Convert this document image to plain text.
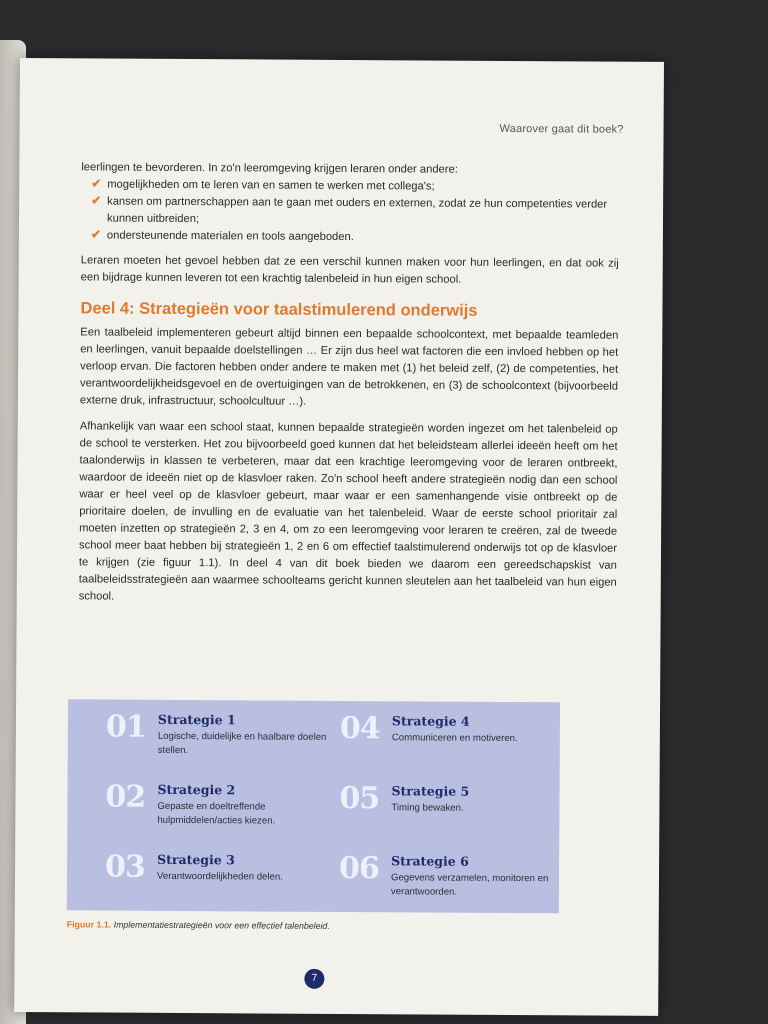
Waarover gaat dit boek?

leerlingen te bevorderen. In zo'n leeromgeving krijgen leraren onder andere:

✔ mogelijkheden om te leren van en samen te werken met collega's;
✔ kansen om partnerschappen aan te gaan met ouders en externen, zodat ze hun competenties verder kunnen uitbreiden;
✔ ondersteunende materialen en tools aangeboden.

Leraren moeten het gevoel hebben dat ze een verschil kunnen maken voor hun leerlingen, en dat ook zij een bijdrage kunnen leveren tot een krachtig talenbeleid in hun eigen school.

Deel 4: Strategieën voor taalstimulerend onderwijs

Een taalbeleid implementeren gebeurt altijd binnen een bepaalde schoolcontext, met bepaalde teamleden en leerlingen, vanuit bepaalde doelstellingen … Er zijn dus heel wat factoren die een invloed hebben op het verloop ervan. Die factoren hebben onder andere te maken met (1) het beleid zelf, (2) de competenties, het verantwoordelijkheidsgevoel en de overtuigingen van de betrokkenen, en (3) de schoolcontext (bijvoorbeeld externe druk, infrastructuur, schoolcultuur …).

Afhankelijk van waar een school staat, kunnen bepaalde strategieën worden ingezet om het talenbeleid op de school te versterken. Het zou bijvoorbeeld goed kunnen dat het beleidsteam allerlei ideeën heeft om het taalonderwijs in klassen te verbeteren, maar dat een krachtige leeromgeving voor de leraren ontbreekt, waardoor de ideeën niet op de klasvloer raken. Zo'n school heeft andere strategieën nodig dan een school waar er heel veel op de klasvloer gebeurt, maar waar er een samenhangende visie ontbreekt op de prioritaire doelen, de invulling en de evaluatie van het talenbeleid. Waar de eerste school prioritair zal moeten inzetten op strategieën 2, 3 en 4, om zo een leeromgeving voor leraren te creëren, zal de tweede school meer baat hebben bij strategieën 1, 2 en 6 om effectief taalstimulerend onderwijs tot op de klasvloer te krijgen (zie figuur 1.1). In deel 4 van dit boek bieden we daarom een gereedschapskist van taalbeleidsstrategieën aan waarmee schoolteams gericht kunnen sleutelen aan het taalbeleid van hun eigen school.

01 Strategie 1
Logische, duidelijke en haalbare doelen stellen.
02 Strategie 2
Gepaste en doeltreffende hulpmiddelen/acties kiezen.
03 Strategie 3
Verantwoordelijkheden delen.
04 Strategie 4
Communiceren en motiveren.
05 Strategie 5
Timing bewaken.
06 Strategie 6
Gegevens verzamelen, monitoren en verantwoorden.
Figuur 1.1. Implementatiestrategieën voor een effectief talenbeleid.
7
